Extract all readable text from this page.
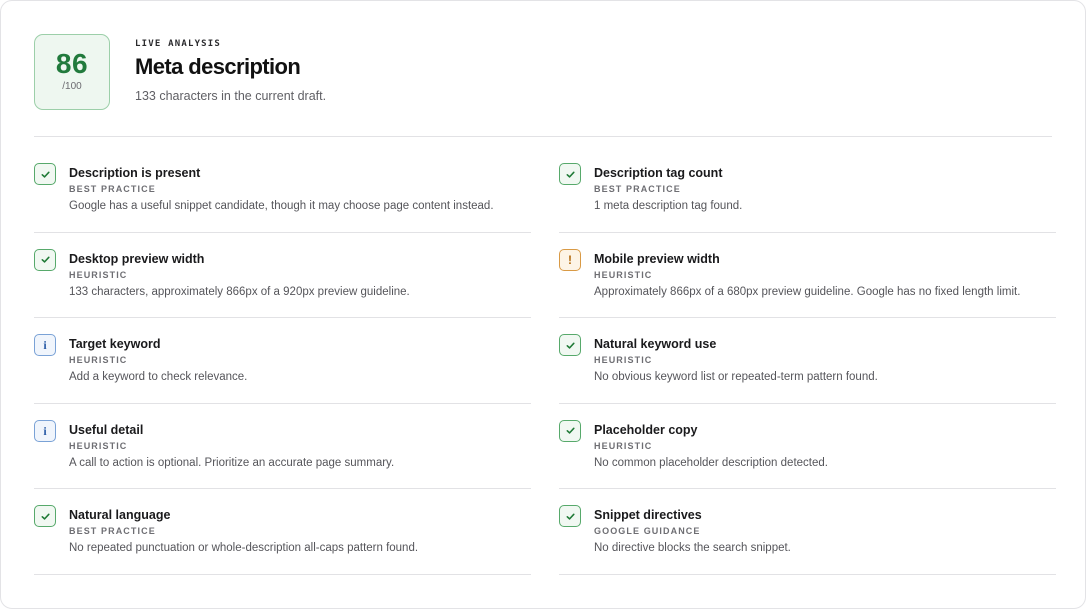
86
/100
LIVE ANALYSIS
Meta description
133 characters in the current draft.
Description is present
BEST PRACTICE
Google has a useful snippet candidate, though it may choose page content instead.
Desktop preview width
HEURISTIC
133 characters, approximately 866px of a 920px preview guideline.
i Target keyword
HEURISTIC
Add a keyword to check relevance.
i Useful detail
HEURISTIC
A call to action is optional. Prioritize an accurate page summary.
Natural language
BEST PRACTICE
No repeated punctuation or whole-description all-caps pattern found.
Description tag count
BEST PRACTICE
1 meta description tag found.
! Mobile preview width
HEURISTIC
Approximately 866px of a 680px preview guideline. Google has no fixed length limit.
Natural keyword use
HEURISTIC
No obvious keyword list or repeated-term pattern found.
Placeholder copy
HEURISTIC
No common placeholder description detected.
Snippet directives
GOOGLE GUIDANCE
No directive blocks the search snippet.
